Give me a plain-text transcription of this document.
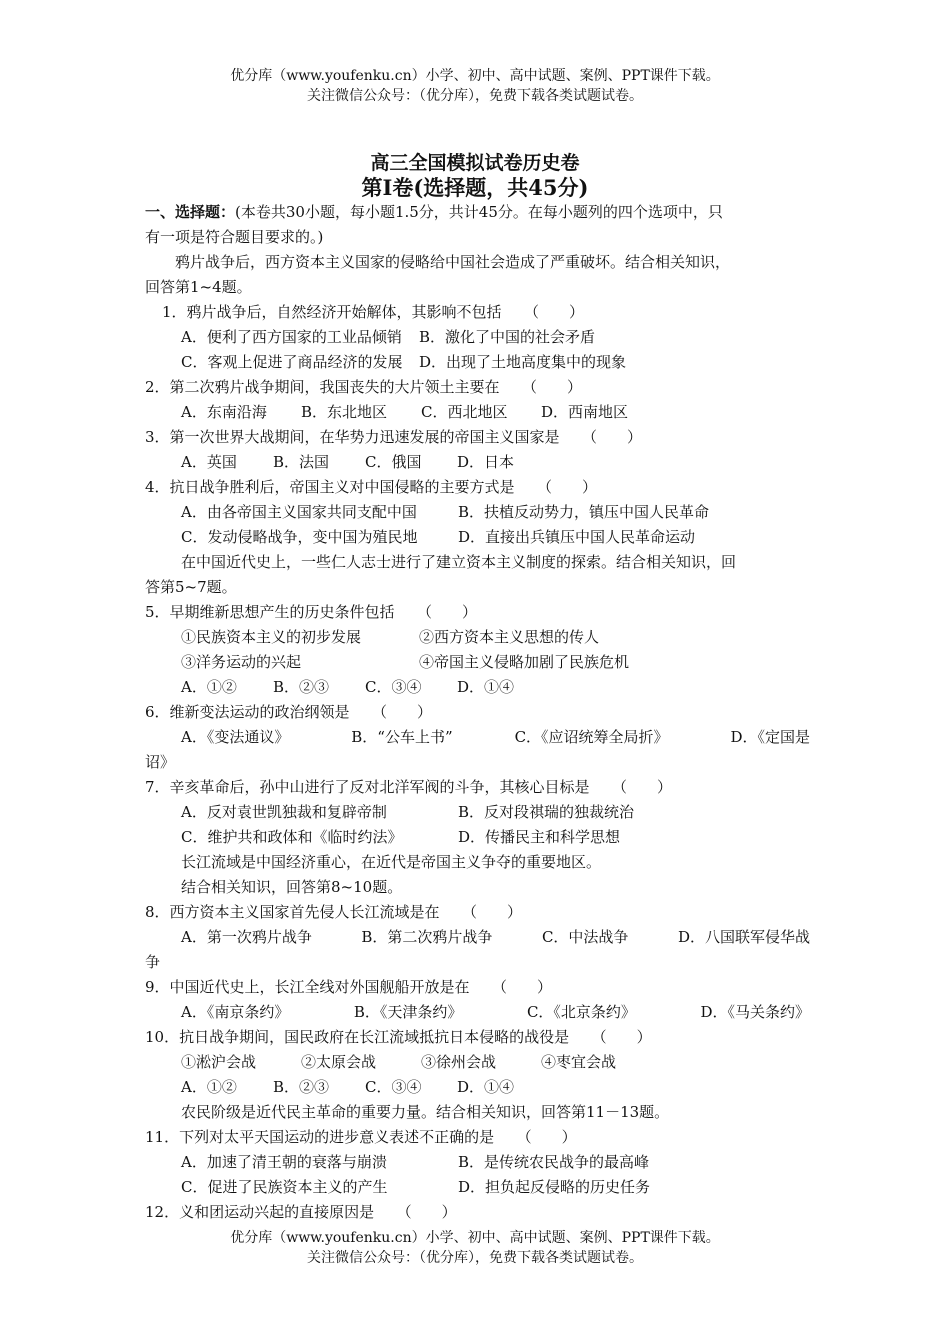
优分库（www.youfenku.cn）小学、初中、高中试题、案例、PPT课件下载。
关注微信公众号：（优分库），免费下载各类试题试卷。
高三全国模拟试卷历史卷
第Ⅰ卷(选择题，共45分)
一、选择题：(本卷共30小题，每小题1.5分，共计45分。在每小题列的四个选项中，只
有一项是符合题目要求的。)
鸦片战争后，西方资本主义国家的侵略给中国社会造成了严重破坏。结合相关知识，
回答第1~4题。
1．鸦片战争后，自然经济开始解体，其影响不包括　　（　　）
A．便利了西方国家的工业品倾销 B．激化了中国的社会矛盾
C．客观上促进了商品经济的发展 D．出现了土地高度集中的现象
2．第二次鸦片战争期间，我国丧失的大片领土主要在　　（　　）
A．东南沿海 B．东北地区 C．西北地区 D．西南地区
3．第一次世界大战期间，在华势力迅速发展的帝国主义国家是　　（　　）
A．英国 B．法国 C．俄国 D．日本
4．抗日战争胜利后，帝国主义对中国侵略的主要方式是　　（　　）
A．由各帝国主义国家共同支配中国	B．扶植反动势力，镇压中国人民革命
C．发动侵略战争，变中国为殖民地	D．直接出兵镇压中国人民革命运动
在中国近代史上，一些仁人志士进行了建立资本主义制度的探索。结合相关知识，回
答第5~7题。
5．早期维新思想产生的历史条件包括　　（　　）
①民族资本主义的初步发展	②西方资本主义思想的传人
③洋务运动的兴起	④帝国主义侵略加剧了民族危机
A．①② B．②③ C．③④ D．①④
6．维新变法运动的政治纲领是　　（　　）
A．《变法通议》	B．“公车上书”	C．《应诏统筹全局折》	D．《定国是
诏》
7．辛亥革命后，孙中山进行了反对北洋军阀的斗争，其核心目标是　　（　　）
A．反对袁世凯独裁和复辟帝制	B．反对段祺瑞的独裁统治
C．维护共和政体和《临时约法》	D．传播民主和科学思想
长江流域是中国经济重心，在近代是帝国主义争夺的重要地区。
结合相关知识，回答第8~10题。
8．西方资本主义国家首先侵人长江流域是在　　（　　）
A．第一次鸦片战争	B．第二次鸦片战争	C．中法战争	D．八国联军侵华战
争
9．中国近代史上，长江全线对外国舰船开放是在　　（　　）
A．《南京条约》	B．《天津条约》	C．《北京条约》	D．《马关条约》
10．抗日战争期间，国民政府在长江流域抵抗日本侵略的战役是　　（　　）
①淞沪会战	②太原会战	③徐州会战	④枣宜会战
A．①② B．②③ C．③④ D．①④
农民阶级是近代民主革命的重要力量。结合相关知识，回答第11－13题。
11．下列对太平天国运动的进步意义表述不正确的是　　（　　）
A．加速了清王朝的衰落与崩溃	B．是传统农民战争的最高峰
C．促进了民族资本主义的产生	D．担负起反侵略的历史任务
12．义和团运动兴起的直接原因是　　（　　）
优分库（www.youfenku.cn）小学、初中、高中试题、案例、PPT课件下载。
关注微信公众号：（优分库），免费下载各类试题试卷。
